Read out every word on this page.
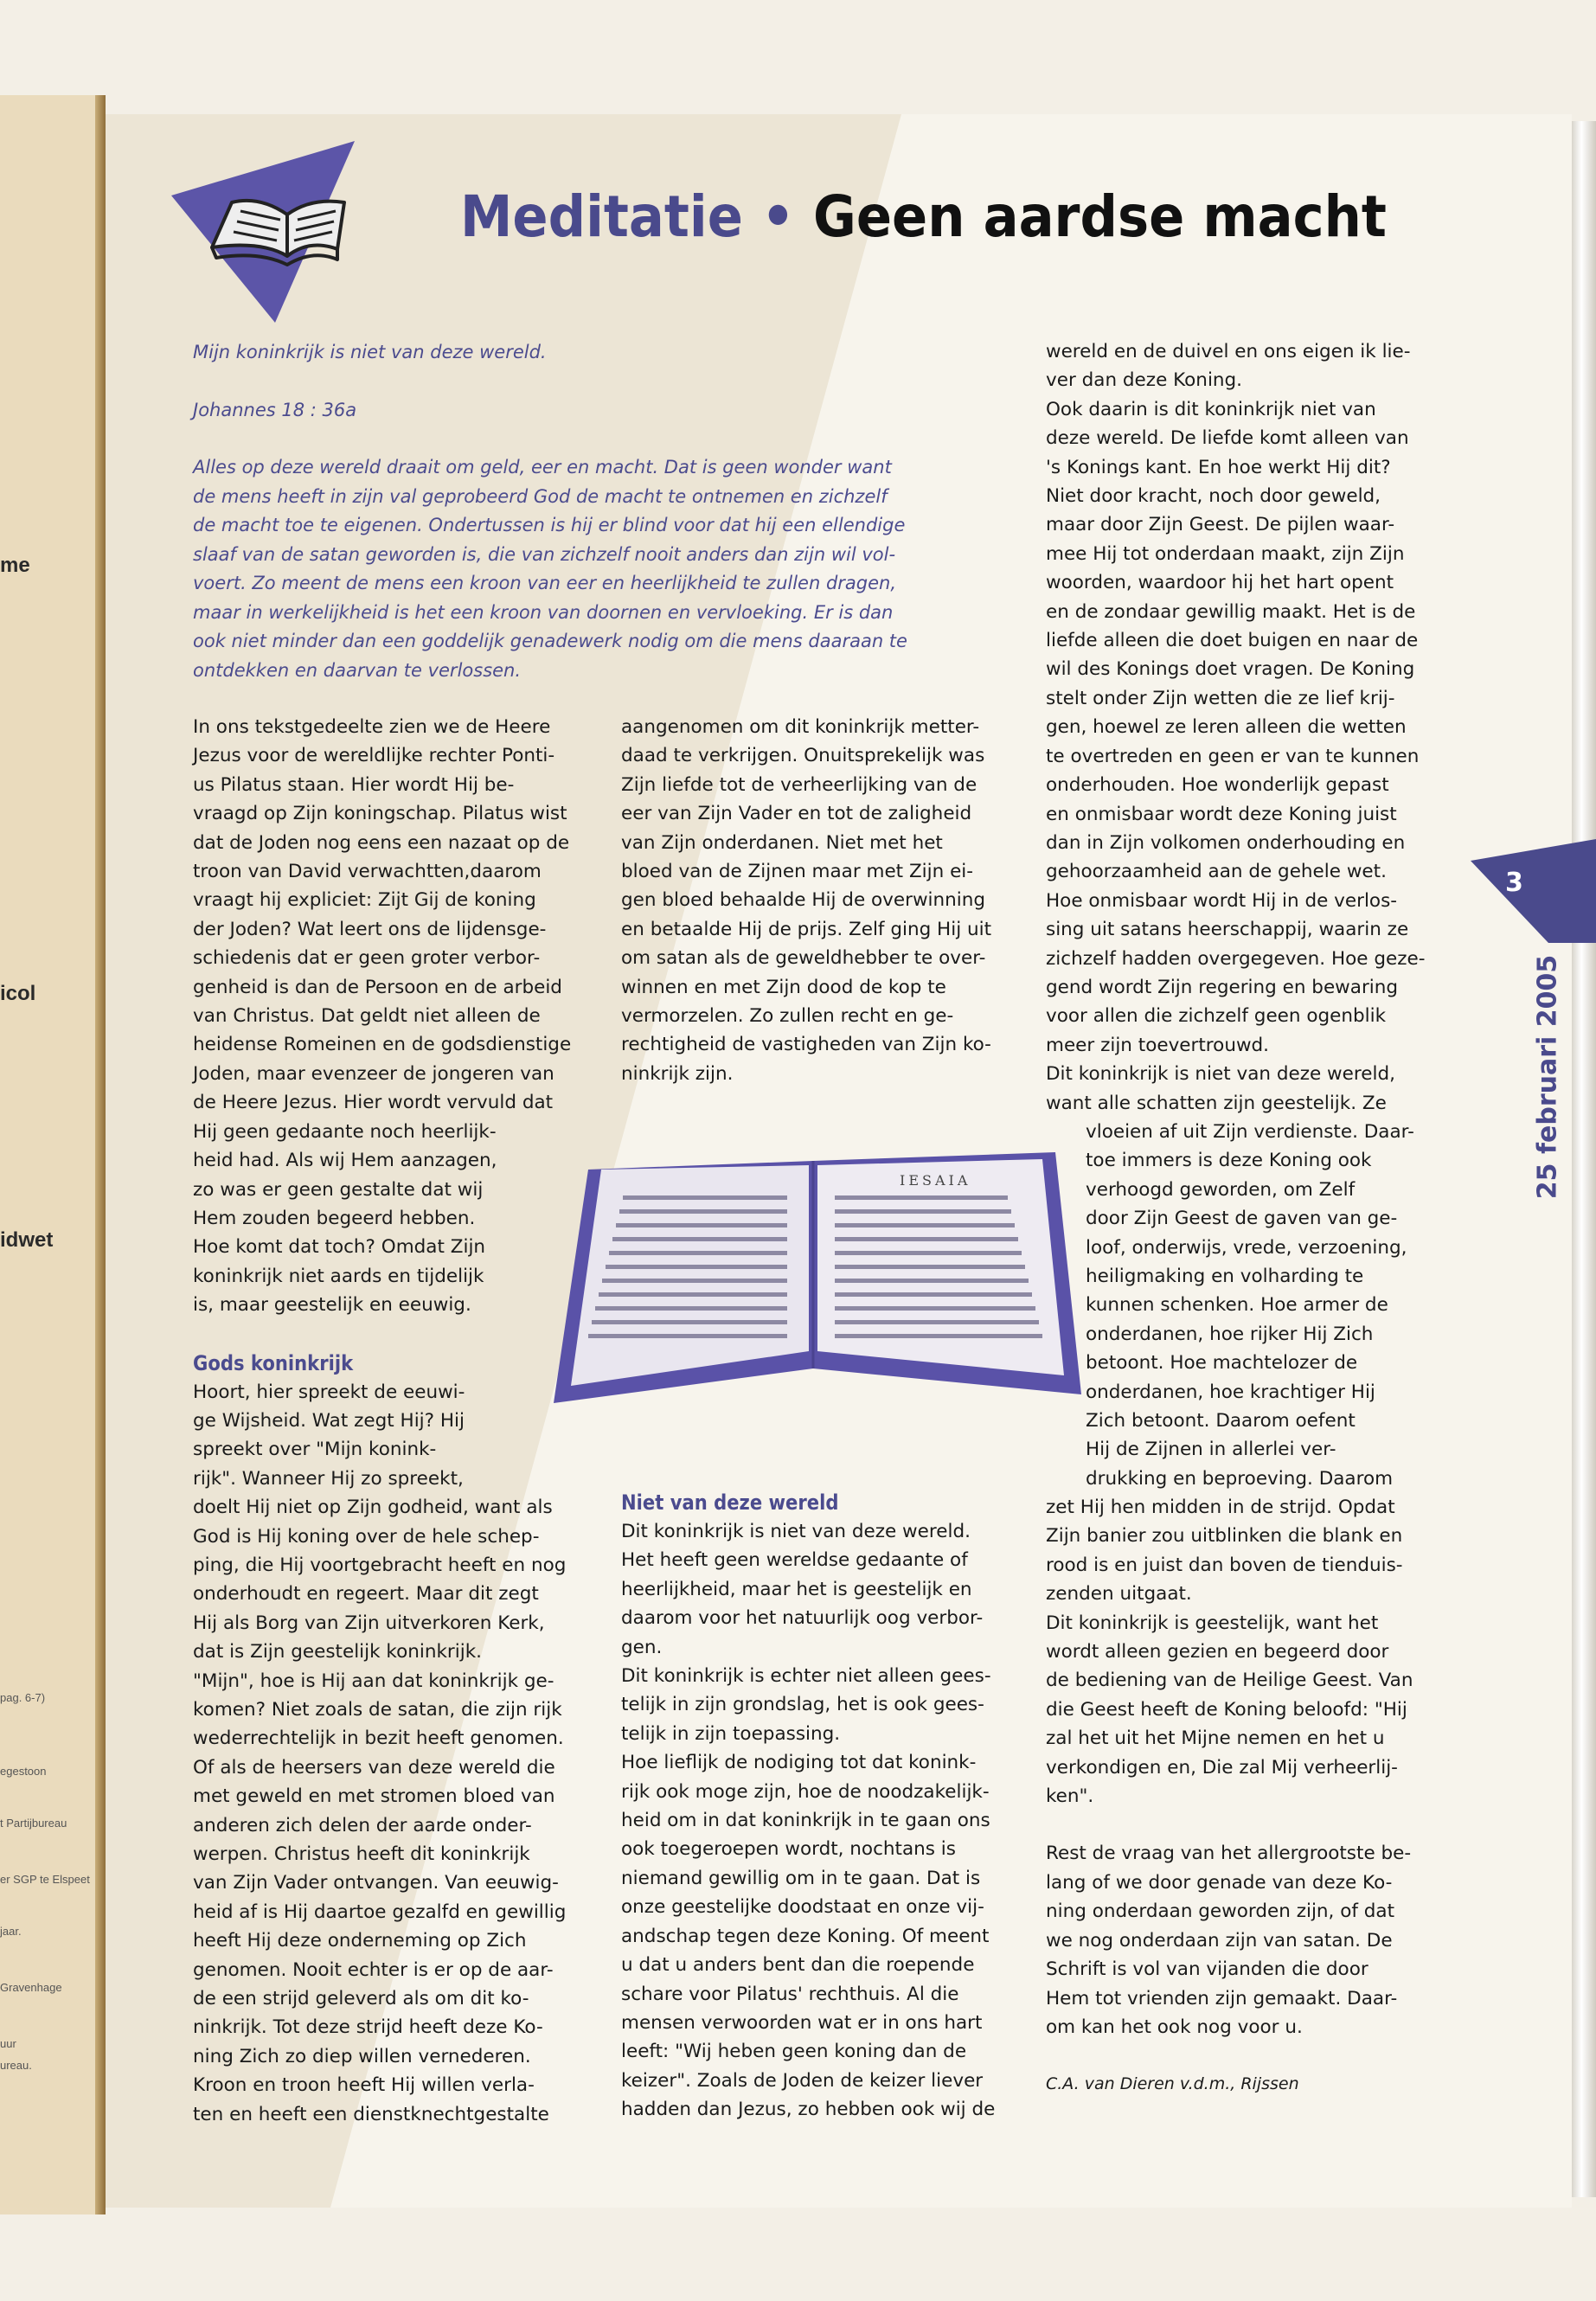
me
icol
idwet
pag. 6-7)
egestoon
t Partijbureau
er SGP te Elspeet
jaar.
Gravenhage
uur
ureau.
Meditatie • Geen aardse macht

Mijn koninkrijk is niet van deze wereld.

Johannes 18 : 36a

Alles op deze wereld draait om geld, eer en macht. Dat is geen wonder want
de mens heeft in zijn val geprobeerd God de macht te ontnemen en zichzelf
de macht toe te eigenen. Ondertussen is hij er blind voor dat hij een ellendige
slaaf van de satan geworden is, die van zichzelf nooit anders dan zijn wil vol-
voert. Zo meent de mens een kroon van eer en heerlijkheid te zullen dragen,
maar in werkelijkheid is het een kroon van doornen en vervloeking. Er is dan
ook niet minder dan een goddelijk genadewerk nodig om die mens daaraan te
ontdekken en daarvan te verlossen.
In ons tekstgedeelte zien we de Heere
Jezus voor de wereldlijke rechter Ponti-
us Pilatus staan. Hier wordt Hij be-
vraagd op Zijn koningschap. Pilatus wist
dat de Joden nog eens een nazaat op de
troon van David verwachtten,daarom
vraagt hij expliciet: Zijt Gij de koning
der Joden? Wat leert ons de lijdensge-
schiedenis dat er geen groter verbor-
genheid is dan de Persoon en de arbeid
van Christus. Dat geldt niet alleen de
heidense Romeinen en de godsdienstige
Joden, maar evenzeer de jongeren van
de Heere Jezus. Hier wordt vervuld dat
Hij geen gedaante noch heerlijk-
heid had. Als wij Hem aanzagen,
zo was er geen gestalte dat wij
Hem zouden begeerd hebben.
Hoe komt dat toch? Omdat Zijn
koninkrijk niet aards en tijdelijk
is, maar geestelijk en eeuwig.
Gods koninkrijk
Hoort, hier spreekt de eeuwi-
ge Wijsheid. Wat zegt Hij? Hij
spreekt over "Mijn konink-
rijk". Wanneer Hij zo spreekt,
doelt Hij niet op Zijn godheid, want als
God is Hij koning over de hele schep-
ping, die Hij voortgebracht heeft en nog
onderhoudt en regeert. Maar dit zegt
Hij als Borg van Zijn uitverkoren Kerk,
dat is Zijn geestelijk koninkrijk.
"Mijn", hoe is Hij aan dat koninkrijk ge-
komen? Niet zoals de satan, die zijn rijk
wederrechtelijk in bezit heeft genomen.
Of als de heersers van deze wereld die
met geweld en met stromen bloed van
anderen zich delen der aarde onder-
werpen. Christus heeft dit koninkrijk
van Zijn Vader ontvangen. Van eeuwig-
heid af is Hij daartoe gezalfd en gewillig
heeft Hij deze onderneming op Zich
genomen. Nooit echter is er op de aar-
de een strijd geleverd als om dit ko-
ninkrijk. Tot deze strijd heeft deze Ko-
ning Zich zo diep willen vernederen.
Kroon en troon heeft Hij willen verla-
ten en heeft een dienstknechtgestalte
aangenomen om dit koninkrijk metter-
daad te verkrijgen. Onuitsprekelijk was
Zijn liefde tot de verheerlijking van de
eer van Zijn Vader en tot de zaligheid
van Zijn onderdanen. Niet met het
bloed van de Zijnen maar met Zijn ei-
gen bloed behaalde Hij de overwinning
en betaalde Hij de prijs. Zelf ging Hij uit
om satan als de geweldhebber te over-
winnen en met Zijn dood de kop te
vermorzelen. Zo zullen recht en ge-
rechtigheid de vastigheden van Zijn ko-
ninkrijk zijn.
Niet van deze wereld
Dit koninkrijk is niet van deze wereld.
Het heeft geen wereldse gedaante of
heerlijkheid, maar het is geestelijk en
daarom voor het natuurlijk oog verbor-
gen.
Dit koninkrijk is echter niet alleen gees-
telijk in zijn grondslag, het is ook gees-
telijk in zijn toepassing.
Hoe lieflijk de nodiging tot dat konink-
rijk ook moge zijn, hoe de noodzakelijk-
heid om in dat koninkrijk in te gaan ons
ook toegeroepen wordt, nochtans is
niemand gewillig om in te gaan. Dat is
onze geestelijke doodstaat en onze vij-
andschap tegen deze Koning. Of meent
u dat u anders bent dan die roepende
schare voor Pilatus' rechthuis. Al die
mensen verwoorden wat er in ons hart
leeft: "Wij heben geen koning dan de
keizer". Zoals de Joden de keizer liever
hadden dan Jezus, zo hebben ook wij de
IESAIA
wereld en de duivel en ons eigen ik lie-
ver dan deze Koning.
Ook daarin is dit koninkrijk niet van
deze wereld. De liefde komt alleen van
's Konings kant. En hoe werkt Hij dit?
Niet door kracht, noch door geweld,
maar door Zijn Geest. De pijlen waar-
mee Hij tot onderdaan maakt, zijn Zijn
woorden, waardoor hij het hart opent
en de zondaar gewillig maakt. Het is de
liefde alleen die doet buigen en naar de
wil des Konings doet vragen. De Koning
stelt onder Zijn wetten die ze lief krij-
gen, hoewel ze leren alleen die wetten
te overtreden en geen er van te kunnen
onderhouden. Hoe wonderlijk gepast
en onmisbaar wordt deze Koning juist
dan in Zijn volkomen onderhouding en
gehoorzaamheid aan de gehele wet.
Hoe onmisbaar wordt Hij in de verlos-
sing uit satans heerschappij, waarin ze
zichzelf hadden overgegeven. Hoe geze-
gend wordt Zijn regering en bewaring
voor allen die zichzelf geen ogenblik
meer zijn toevertrouwd.
Dit koninkrijk is niet van deze wereld,
want alle schatten zijn geestelijk. Ze
vloeien af uit Zijn verdienste. Daar-
toe immers is deze Koning ook
verhoogd geworden, om Zelf
door Zijn Geest de gaven van ge-
loof, onderwijs, vrede, verzoening,
heiligmaking en volharding te
kunnen schenken. Hoe armer de
onderdanen, hoe rijker Hij Zich
betoont. Hoe machtelozer de
onderdanen, hoe krachtiger Hij
Zich betoont. Daarom oefent
Hij de Zijnen in allerlei ver-
drukking en beproeving. Daarom
zet Hij hen midden in de strijd. Opdat
Zijn banier zou uitblinken die blank en
rood is en juist dan boven de tienduis-
zenden uitgaat.
Dit koninkrijk is geestelijk, want het
wordt alleen gezien en begeerd door
de bediening van de Heilige Geest. Van
die Geest heeft de Koning beloofd: "Hij
zal het uit het Mijne nemen en het u
verkondigen en, Die zal Mij verheerlij-
ken".
Rest de vraag van het allergrootste be-
lang of we door genade van deze Ko-
ning onderdaan geworden zijn, of dat
we nog onderdaan zijn van satan. De
Schrift is vol van vijanden die door
Hem tot vrienden zijn gemaakt. Daar-
om kan het ook nog voor u.
C.A. van Dieren v.d.m., Rijssen
3
25 februari 2005
